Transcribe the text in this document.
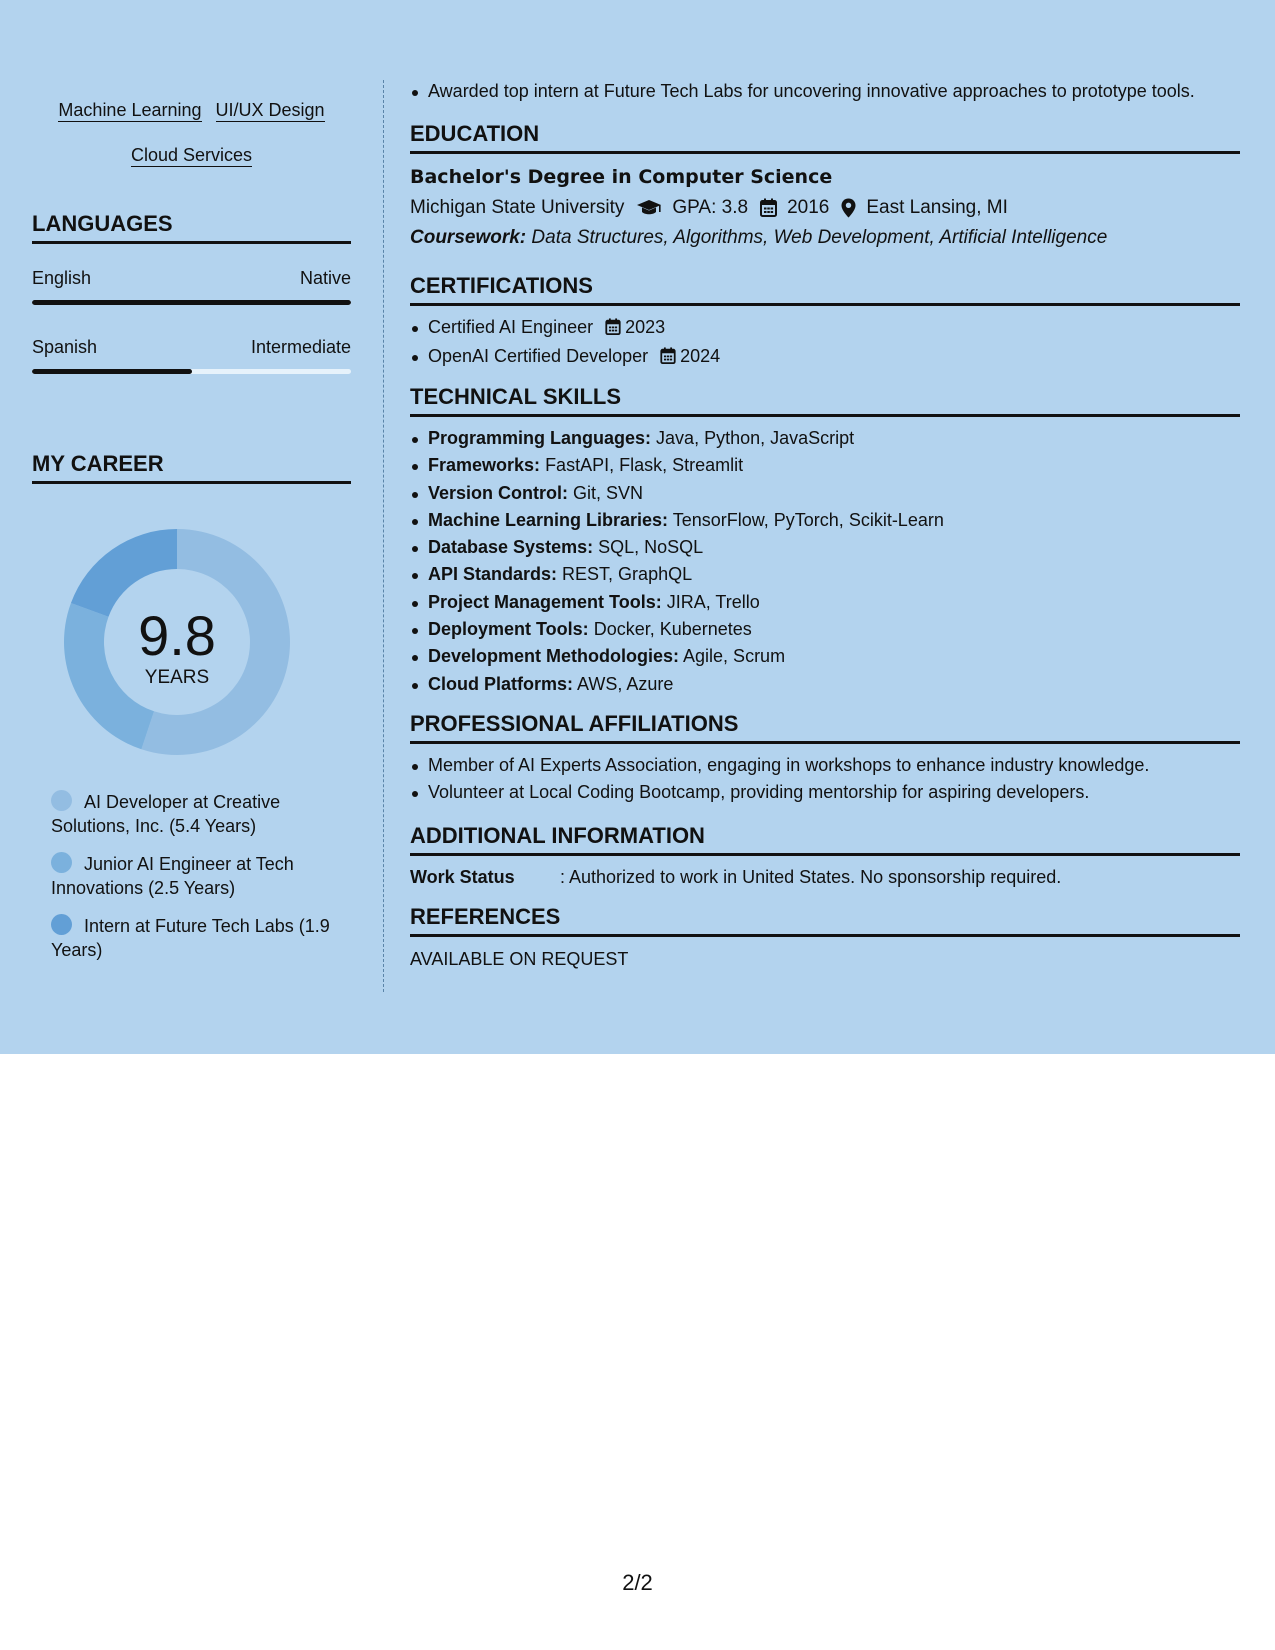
Machine Learning UI/UX Design
Cloud Services
LANGUAGES
English	Native
Spanish	Intermediate
MY CAREER
9.8
YEARS
AI Developer at Creative Solutions, Inc. (5.4 Years)
Junior AI Engineer at Tech Innovations (2.5 Years)
Intern at Future Tech Labs (1.9 Years)
Awarded top intern at Future Tech Labs for uncovering innovative approaches to prototype tools.
EDUCATION
Bachelor's Degree in Computer Science
Michigan State University	GPA: 3.8 2016 East Lansing, MI
Coursework: Data Structures, Algorithms, Web Development, Artificial Intelligence
CERTIFICATIONS
Certified AI Engineer 2023
OpenAI Certified Developer 2024
TECHNICAL SKILLS
Programming Languages: Java, Python, JavaScript
Frameworks: FastAPI, Flask, Streamlit
Version Control: Git, SVN
Machine Learning Libraries: TensorFlow, PyTorch, Scikit-Learn
Database Systems: SQL, NoSQL
API Standards: REST, GraphQL
Project Management Tools: JIRA, Trello
Deployment Tools: Docker, Kubernetes
Development Methodologies: Agile, Scrum
Cloud Platforms: AWS, Azure
PROFESSIONAL AFFILIATIONS
Member of AI Experts Association, engaging in workshops to enhance industry knowledge.
Volunteer at Local Coding Bootcamp, providing mentorship for aspiring developers.
ADDITIONAL INFORMATION
Work Status	: Authorized to work in United States. No sponsorship required.
REFERENCES
AVAILABLE ON REQUEST
2/2
